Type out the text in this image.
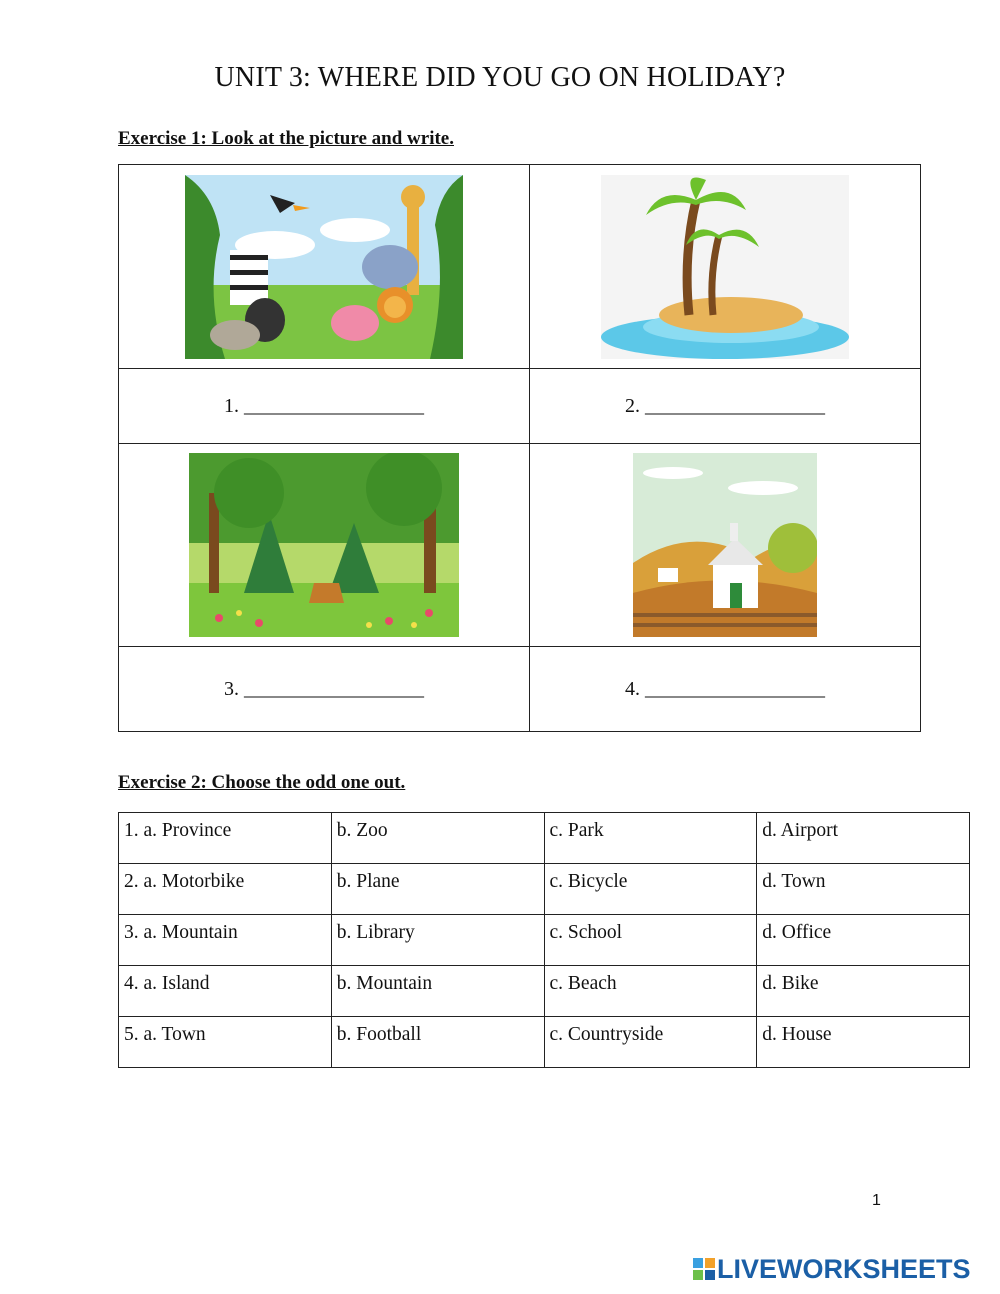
UNIT 3: WHERE DID YOU GO ON HOLIDAY?
Exercise 1: Look at the picture and write.

1. __________________	2. __________________

3. __________________	4. __________________
Exercise 2: Choose the odd one out.
1. a. Province	b. Zoo	c. Park	d. Airport
2. a. Motorbike	b. Plane	c. Bicycle	d. Town
3. a. Mountain	b. Library	c. School	d. Office
4. a. Island	b. Mountain	c. Beach	d. Bike
5. a. Town	b. Football	c. Countryside	d. House
1
LIVEWORKSHEETS
